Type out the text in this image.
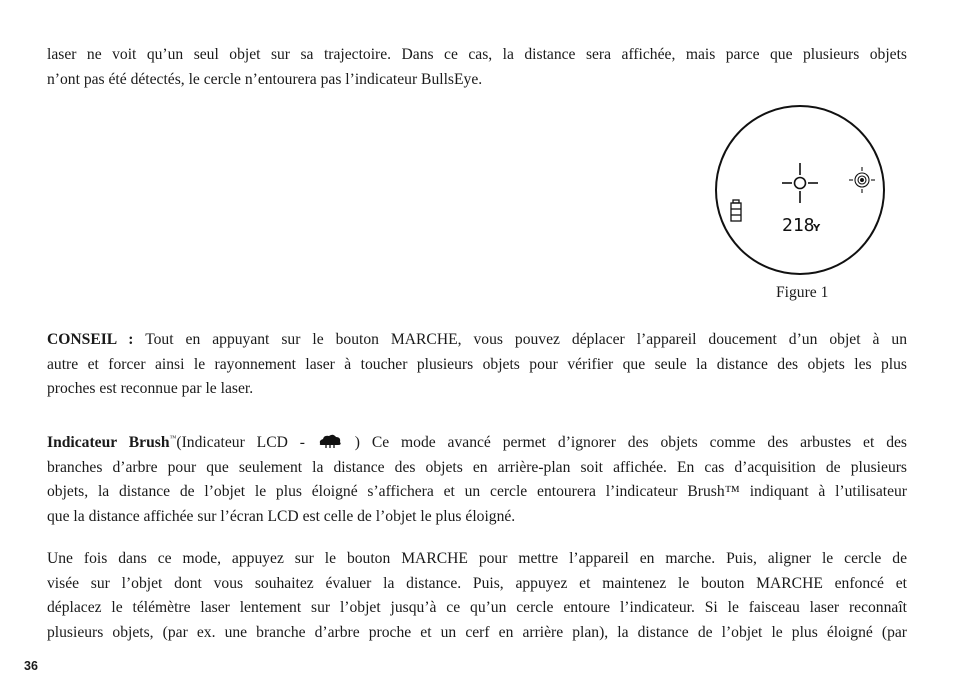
laser ne voit qu’un seul objet sur sa trajectoire. Dans ce cas, la distance sera affichée, mais parce que plusieurs objets
n’ont pas été détectés, le cercle n’entourera pas l’indicateur BullsEye.
218
Y
Figure 1
CONSEIL : Tout en appuyant sur le bouton MARCHE, vous pouvez déplacer l’appareil doucement d’un objet à un
autre et forcer ainsi le rayonnement laser à toucher plusieurs objets pour vérifier que seule la distance des objets les plus
proches est reconnue par le laser.
Indicateur Brush™(Indicateur LCD -	) Ce mode avancé permet d’ignorer des objets comme des arbustes et des
branches d’arbre pour que seulement la distance des objets en arrière-plan soit affichée. En cas d’acquisition de plusieurs
objets, la distance de l’objet le plus éloigné s’affichera et un cercle entourera l’indicateur Brush™ indiquant à l’utilisateur
que la distance affichée sur l’écran LCD est celle de l’objet le plus éloigné.
Une fois dans ce mode, appuyez sur le bouton MARCHE pour mettre l’appareil en marche. Puis, aligner le cercle de
visée sur l’objet dont vous souhaitez évaluer la distance. Puis, appuyez et maintenez le bouton MARCHE enfoncé et
déplacez le télémètre laser lentement sur l’objet jusqu’à ce qu’un cercle entoure l’indicateur. Si le faisceau laser reconnaît
plusieurs objets, (par ex. une branche d’arbre proche et un cerf en arrière plan), la distance de l’objet le plus éloigné (par
36
